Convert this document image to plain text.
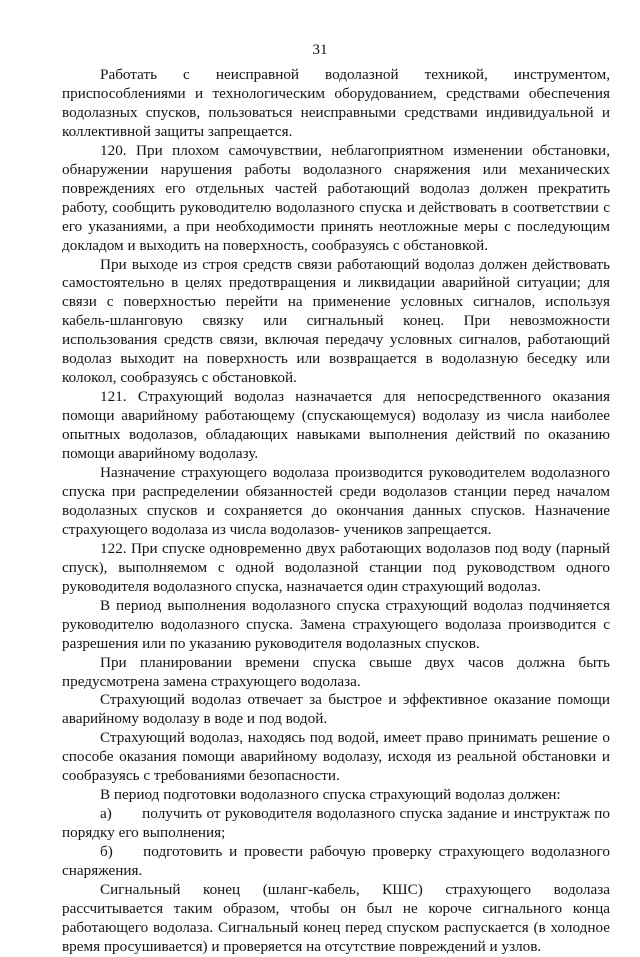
31

Работать с неисправной водолазной техникой, инструментом, приспособлениями и технологическим оборудованием, средствами обеспечения водолазных спусков, пользоваться неисправными средствами индивидуальной и коллективной защиты запрещается.

120. При плохом самочувствии, неблагоприятном изменении обстановки, обнаружении нарушения работы водолазного снаряжения или механических повреждениях его отдельных частей работающий водолаз должен прекратить работу, сообщить руководителю водолазного спуска и действовать в соответствии с его указаниями, а при необходимости принять неотложные меры с последующим докладом и выходить на поверхность, сообразуясь с обстановкой.

При выходе из строя средств связи работающий водолаз должен действовать самостоятельно в целях предотвращения и ликвидации аварийной ситуации; для связи с поверхностью перейти на применение условных сигналов, используя кабель-шланговую связку или сигнальный конец. При невозможности использования средств связи, включая передачу условных сигналов, работающий водолаз выходит на поверхность или возвращается в водолазную беседку или колокол, сообразуясь с обстановкой.

121. Страхующий водолаз назначается для непосредственного оказания помощи аварийному работающему (спускающемуся) водолазу из числа наиболее опытных водолазов, обладающих навыками выполнения действий по оказанию помощи аварийному водолазу.

Назначение страхующего водолаза производится руководителем водолазного спуска при распределении обязанностей среди водолазов станции перед началом водолазных спусков и сохраняется до окончания данных спусков. Назначение страхующего водолаза из числа водолазов- учеников запрещается.

122. При спуске одновременно двух работающих водолазов под воду (парный спуск), выполняемом с одной водолазной станции под руководством одного руководителя водолазного спуска, назначается один страхующий водолаз.

В период выполнения водолазного спуска страхующий водолаз подчиняется руководителю водолазного спуска. Замена страхующего водолаза производится с разрешения или по указанию руководителя водолазных спусков.

При планировании времени спуска свыше двух часов должна быть предусмотрена замена страхующего водолаза.

Страхующий водолаз отвечает за быстрое и эффективное оказание помощи аварийному водолазу в воде и под водой.

Страхующий водолаз, находясь под водой, имеет право принимать решение о способе оказания помощи аварийному водолазу, исходя из реальной обстановки и сообразуясь с требованиями безопасности.

В период подготовки водолазного спуска страхующий водолаз должен:

а)  получить от руководителя водолазного спуска задание и инструктаж по порядку его выполнения;

б)  подготовить и провести рабочую проверку страхующего водолазного снаряжения.

Сигнальный конец (шланг-кабель, КШС) страхующего водолаза рассчитывается таким образом, чтобы он был не короче сигнального конца работающего водолаза. Сигнальный конец перед спуском распускается (в холодное время просушивается) и проверяется на отсутствие повреждений и узлов.
